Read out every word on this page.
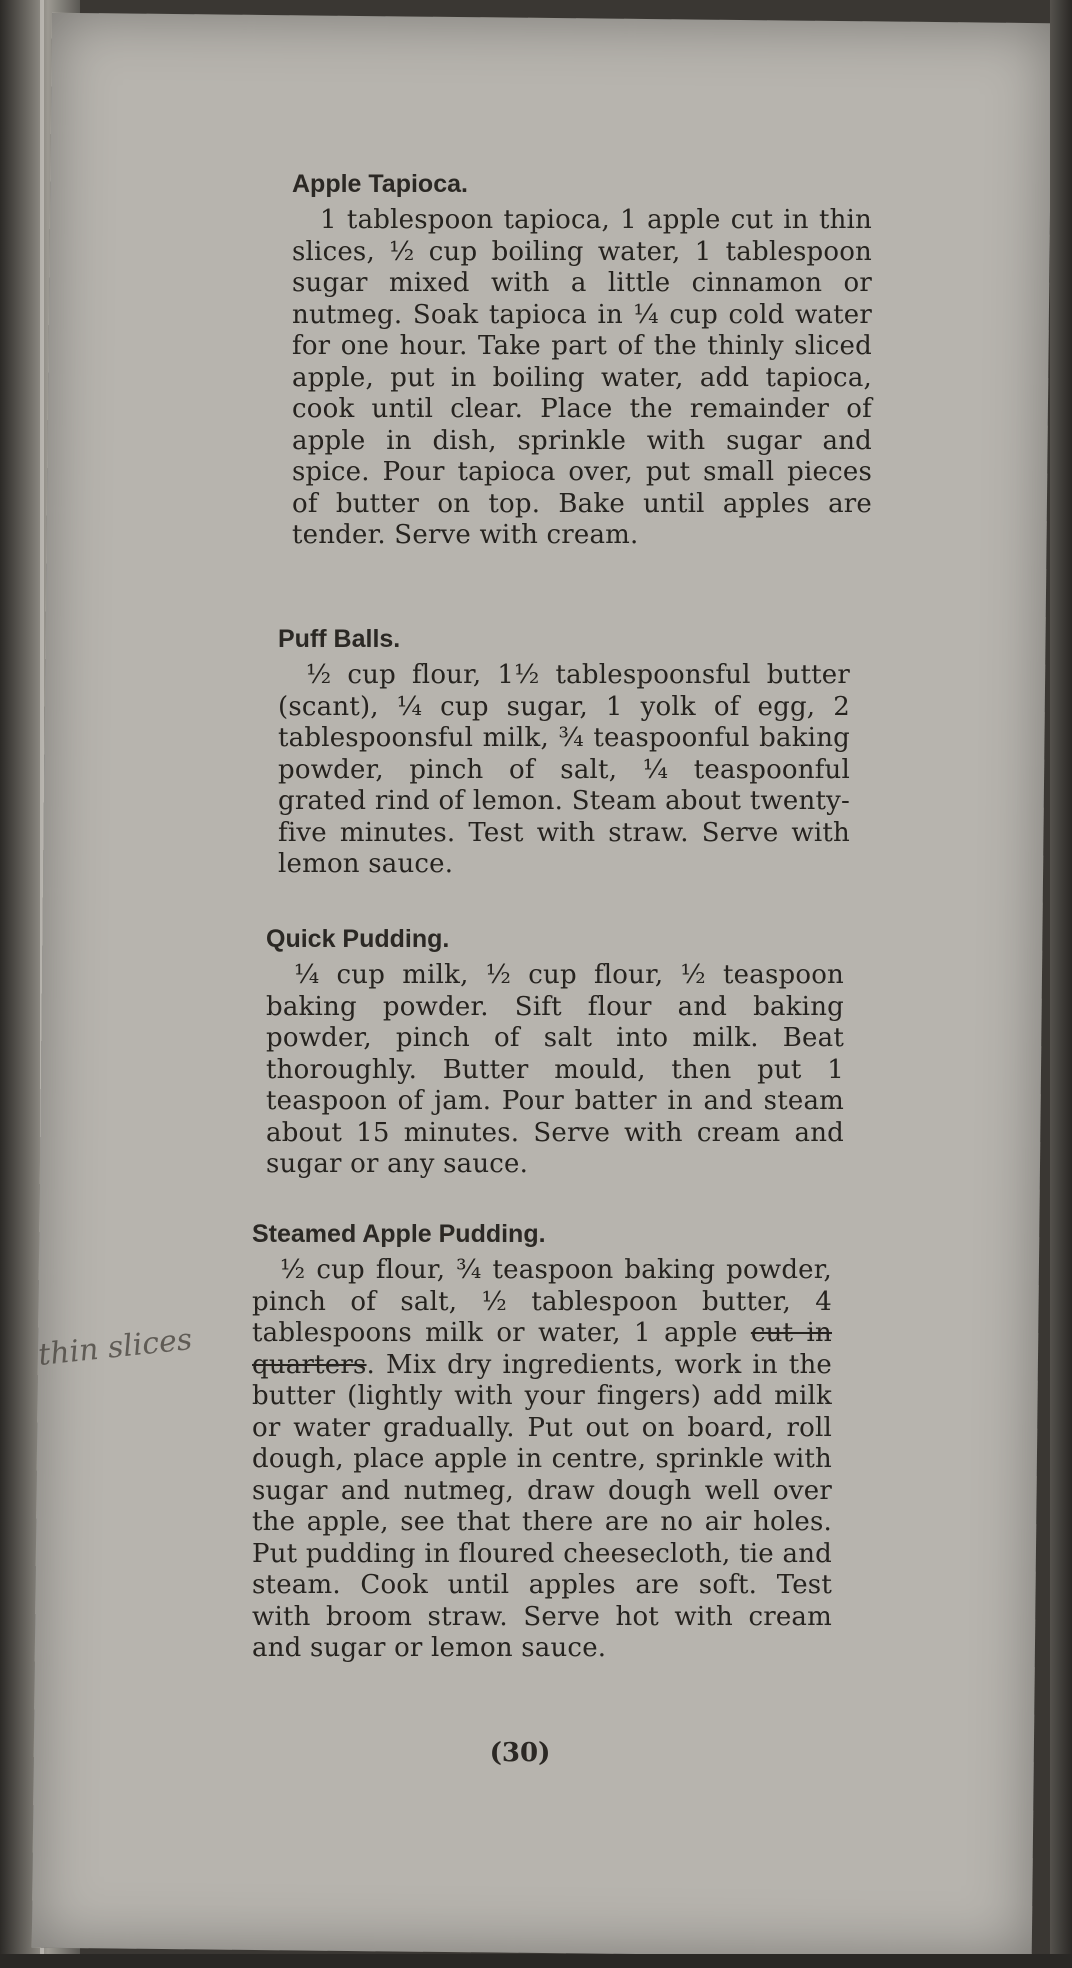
Apple Tapioca.

1 tablespoon tapioca, 1 apple cut in thin slices, ½ cup boiling water, 1 tablespoon sugar mixed with a little cinnamon or nutmeg. Soak tapioca in ¼ cup cold water for one hour. Take part of the thinly sliced apple, put in boiling water, add tapioca, cook until clear. Place the remainder of apple in dish, sprinkle with sugar and spice. Pour tapioca over, put small pieces of butter on top. Bake until apples are tender. Serve with cream.

Puff Balls.

½ cup flour, 1½ tablespoonsful butter (scant), ¼ cup sugar, 1 yolk of egg, 2 tablespoonsful milk, ¾ teaspoonful baking powder, pinch of salt, ¼ teaspoonful grated rind of lemon. Steam about twenty-five minutes. Test with straw. Serve with lemon sauce.

Quick Pudding.

¼ cup milk, ½ cup flour, ½ teaspoon baking powder. Sift flour and baking powder, pinch of salt into milk. Beat thoroughly. Butter mould, then put 1 teaspoon of jam. Pour batter in and steam about 15 minutes. Serve with cream and sugar or any sauce.

Steamed Apple Pudding.

½ cup flour, ¾ teaspoon baking powder, pinch of salt, ½ tablespoon butter, 4 tablespoons milk or water, 1 apple cut in quarters. Mix dry ingredients, work in the butter (lightly with your fingers) add milk or water gradually. Put out on board, roll dough, place apple in centre, sprinkle with sugar and nutmeg, draw dough well over the apple, see that there are no air holes. Put pudding in floured cheesecloth, tie and steam. Cook until apples are soft. Test with broom straw. Serve hot with cream and sugar or lemon sauce.

thin slices
(30)
